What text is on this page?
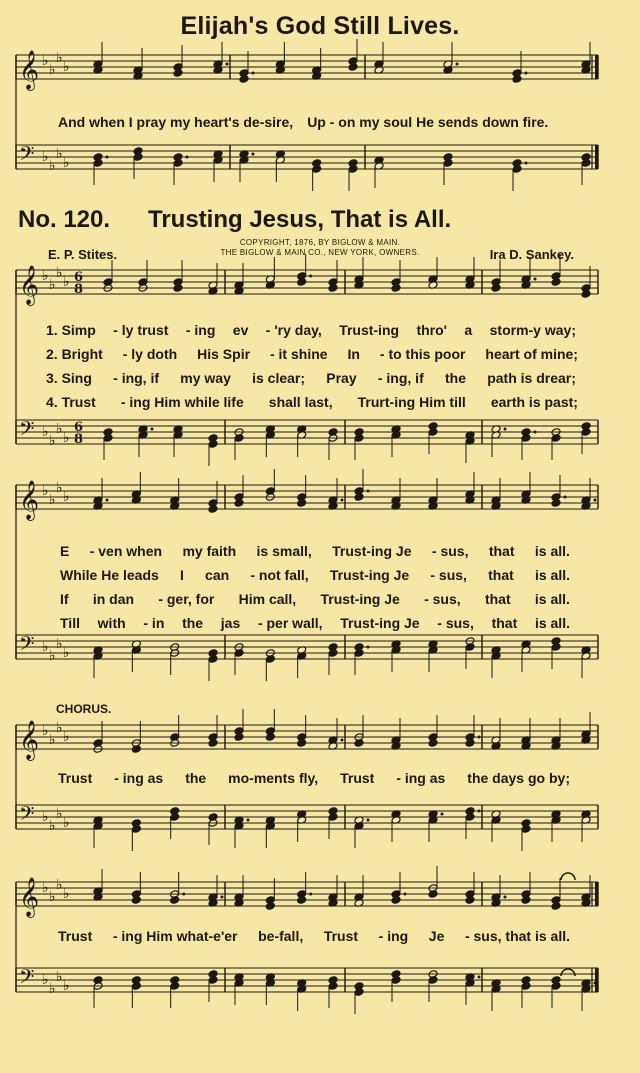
𝄞 ♭
♭
♭
♭
𝄢 ♭
♭
♭
♭
𝄞 ♭
♭
♭
♭ 6
8
𝄢 ♭
♭
♭
♭
6
8
𝄞 ♭
♭
♭
♭
𝄢 ♭
♭
♭
♭
𝄞 ♭
♭
♭
♭
𝄢 ♭
♭
♭
♭
𝄞 ♭
♭
♭
♭
𝄢 ♭
♭
♭
♭
Elijah's God Still Lives.
And when I pray my heart's de-sire, Up - on my soul He sends down fire.
No. 120. Trusting Jesus, That is All.
COPYRIGHT, 1876, BY BIGLOW & MAIN.
THE BIGLOW & MAIN CO., NEW YORK, OWNERS.
E. P. Stites.	Ira D. Sankey.
1. Simp - ly trust - ing ev - 'ry day, Trust-ing thro' a storm-y way;
2. Bright - ly doth His Spir - it shine In - to this poor heart of mine;
3. Sing - ing, if my way is clear; Pray - ing, if the path is drear;
4. Trust - ing Him while life shall last, Trurt-ing Him till earth is past;
E - ven when my faith is small, Trust-ing Je - sus, that is all.
While He leads I can - not fall, Trust-ing Je - sus, that is all.
If in dan - ger, for Him call, Trust-ing Je - sus, that is all.
Till with - in the jas - per wall, Trust-ing Je - sus, that is all.
CHORUS.
Trust - ing as the mo-ments fly, Trust - ing as the days go by;
Trust - ing Him what-e'er be-fall, Trust - ing Je - sus, that is all.
